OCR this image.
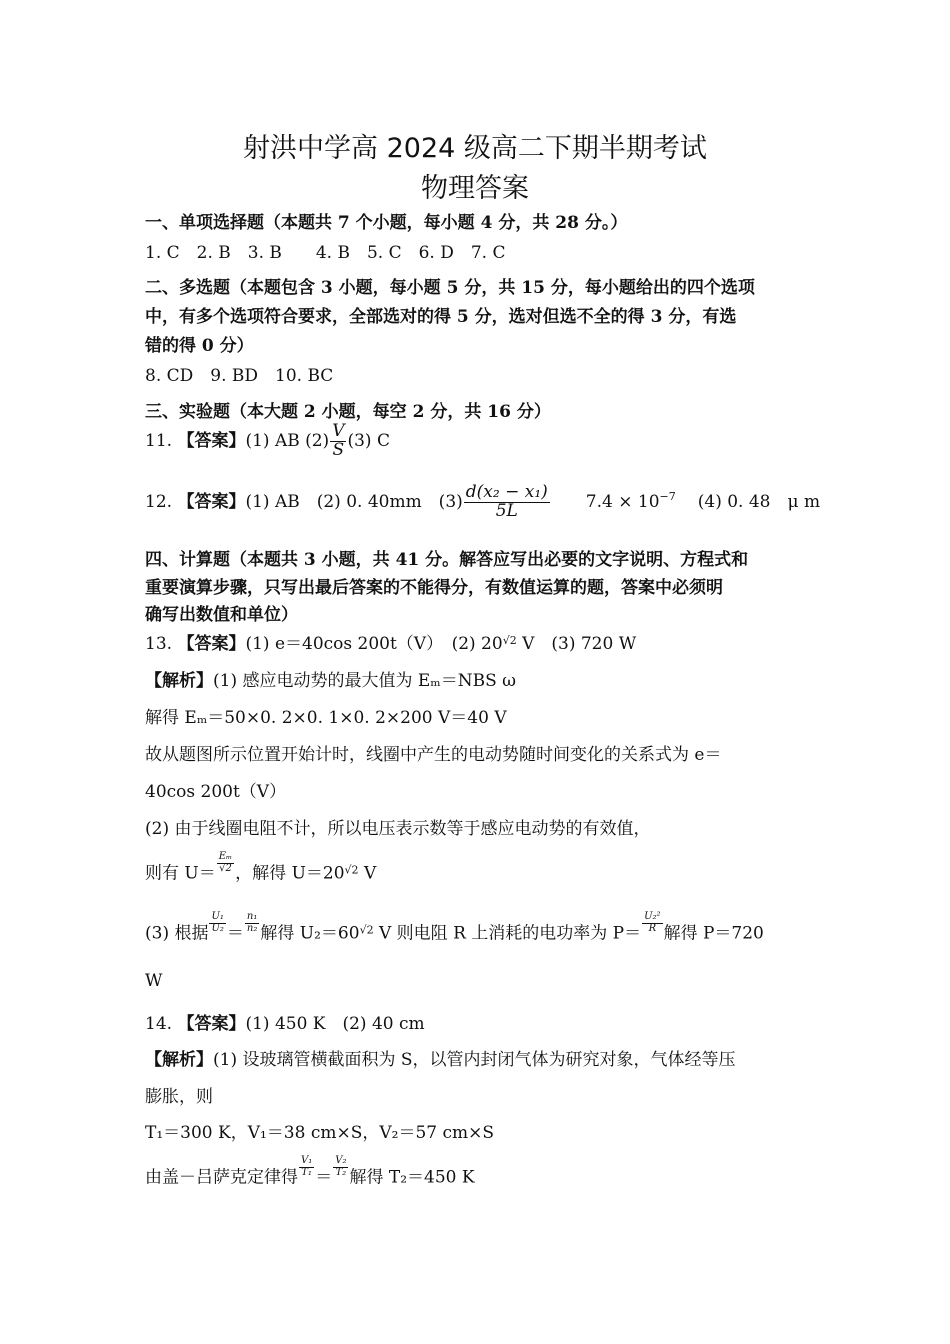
射洪中学高 2024 级高二下期半期考试
物理答案
一、单项选择题（本题共 7 个小题，每小题 4 分，共 28 分。）
1. C　2. B　3. B　　4. B　5. C　6. D　7. C
二、多选题（本题包含 3 小题，每小题 5 分，共 15 分，每小题给出的四个选项
中，有多个选项符合要求，全部选对的得 5 分，选对但选不全的得 3 分，有选
错的得 0 分）
8. CD　9. BD　10. BC
三、实验题（本大题 2 小题，每空 2 分，共 16 分）
11. 【答案】(1) AB $(2) \frac{V}{S} (3)$ C
12. 【答案】(1) AB　(2) 0. 40mm　$(3) \frac{\text{d(x₂ − x₁)}}{5L} 7.4 \times 10^{-7}$ (4) 0. 48　μ m
四、计算题（本题共 3 小题，共 41 分。解答应写出必要的文字说明、方程式和
重要演算步骤，只写出最后答案的不能得分，有数值运算的题，答案中必须明
确写出数值和单位）
13. 【答案】(1) e＝40cos 200t（V）　(2) $20^{√2}$ V　(3) 720 W
【解析】(1) 感应电动势的最大值为 Eₘ＝NBS ω
解得 Eₘ＝50×0. 2×0. 1×0. 2×200 V＝40 V
故从题图所示位置开始计时，线圈中产生的电动势随时间变化的关系式为 e＝
40cos 200t（V）
(2) 由于线圈电阻不计，所以电压表示数等于感应电动势的有效值，
则有 $U= \frac{\text{Eₘ}}{√2}$ ，解得 $U=20^{√2}$ V
(3) 根据 $\frac{\text{U₁}}{\text{U₂}} = \frac{\text{n₁}}{\text{n₂}}$ 解得 $U_2=60^{√2}$ V 则电阻 R 上消耗的电功率为 $P= \frac{\text{U₂²}}{R}$ 解得 P＝720
W
14. 【答案】(1) 450 K　(2) 40 cm
【解析】(1) 设玻璃管横截面积为 S，以管内封闭气体为研究对象，气体经等压
膨胀，则
T₁＝300 K，V₁＝38 cm×S，V₂＝57 cm×S
由盖－吕萨克定律得 $\frac{\text{V₁}}{\text{T₁}} = \frac{\text{V₂}}{\text{T₂}}$ 解得 T₂＝450 K
